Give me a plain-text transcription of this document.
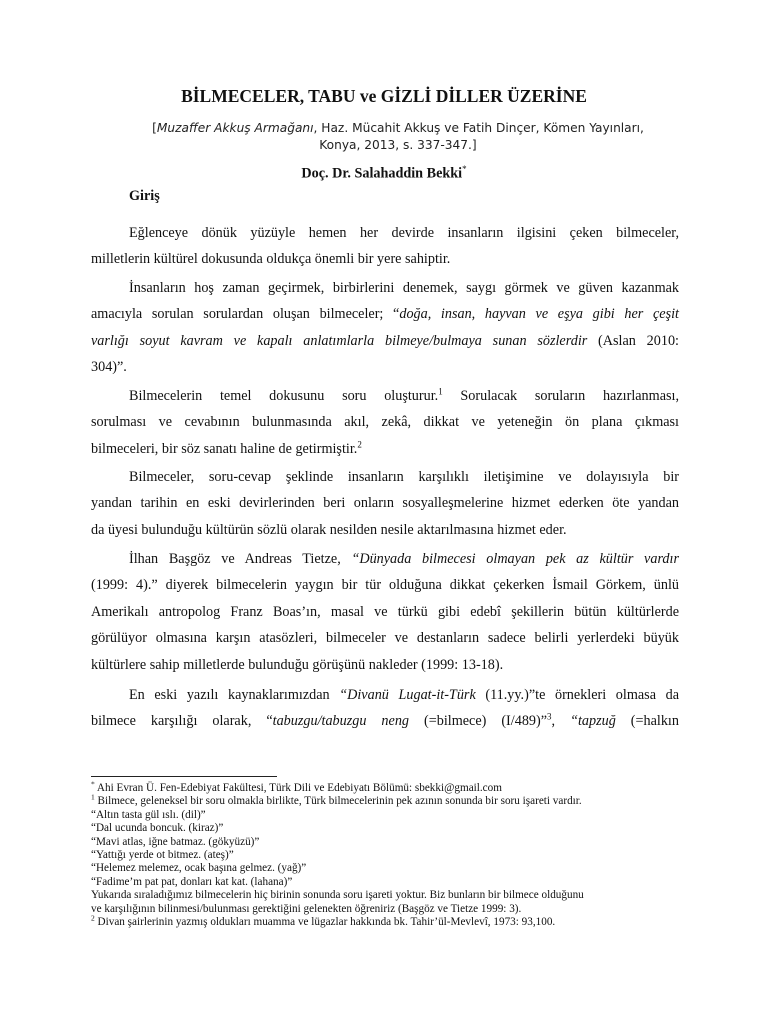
BİLMECELER, TABU ve GİZLİ DİLLER ÜZERİNE
[Muzaffer Akkuş Armağanı, Haz. Mücahit Akkuş ve Fatih Dinçer, Kömen Yayınları,
Konya, 2013, s. 337-347.]
Doç. Dr. Salahaddin Bekki*
Giriş
Eğlenceye dönük yüzüyle hemen her devirde insanların ilgisini çeken bilmeceler,
milletlerin kültürel dokusunda oldukça önemli bir yere sahiptir.
İnsanların hoş zaman geçirmek, birbirlerini denemek, saygı görmek ve güven kazanmak
amacıyla sorulan sorulardan oluşan bilmeceler; “doğa, insan, hayvan ve eşya gibi her çeşit
varlığı soyut kavram ve kapalı anlatımlarla bilmeye/bulmaya sunan sözlerdir (Aslan 2010:
304)”.
Bilmecelerin temel dokusunu soru oluşturur.$^1$ Sorulacak soruların hazırlanması,
sorulması ve cevabının bulunmasında akıl, zekâ, dikkat ve yeteneğin ön plana çıkması
bilmeceleri, bir söz sanatı haline de getirmiştir.$^2$
Bilmeceler, soru-cevap şeklinde insanların karşılıklı iletişimine ve dolayısıyla bir
yandan tarihin en eski devirlerinden beri onların sosyalleşmelerine hizmet ederken öte yandan
da üyesi bulunduğu kültürün sözlü olarak nesilden nesile aktarılmasına hizmet eder.
İlhan Başgöz ve Andreas Tietze, “Dünyada bilmecesi olmayan pek az kültür vardır
(1999: 4).” diyerek bilmecelerin yaygın bir tür olduğuna dikkat çekerken İsmail Görkem, ünlü
Amerikalı antropolog Franz Boas’ın, masal ve türkü gibi edebî şekillerin bütün kültürlerde
görülüyor olmasına karşın atasözleri, bilmeceler ve destanların sadece belirli yerlerdeki büyük
kültürlere sahip milletlerde bulunduğu görüşünü nakleder (1999: 13-18).
En eski yazılı kaynaklarımızdan “Divanü Lugat-it-Türk (11.yy.)”te örnekleri olmasa da
bilmece karşılığı olarak, “tabuzgu/tabuzgu neng (=bilmece) (I/489)”$^3$, “tapzuğ (=halkın
* Ahi Evran Ü. Fen-Edebiyat Fakültesi, Türk Dili ve Edebiyatı Bölümü: sbekki@gmail.com
$^1$ Bilmece, geleneksel bir soru olmakla birlikte, Türk bilmecelerinin pek azının sonunda bir soru işareti vardır.
“Altın tasta gül ıslı. (dil)”
“Dal ucunda boncuk. (kiraz)”
“Mavi atlas, iğne batmaz. (gökyüzü)”
“Yattığı yerde ot bitmez. (ateş)”
“Helemez melemez, ocak başına gelmez. (yağ)”
“Fadime’m pat pat, donları kat kat. (lahana)”
Yukarıda sıraladığımız bilmecelerin hiç birinin sonunda soru işareti yoktur. Biz bunların bir bilmece olduğunu
ve karşılığının bilinmesi/bulunması gerektiğini gelenekten öğreniriz (Başgöz ve Tietze 1999: 3).
$^2$ Divan şairlerinin yazmış oldukları muamma ve lügazlar hakkında bk. Tahir’ül-Mevlevî, 1973: 93,100.
